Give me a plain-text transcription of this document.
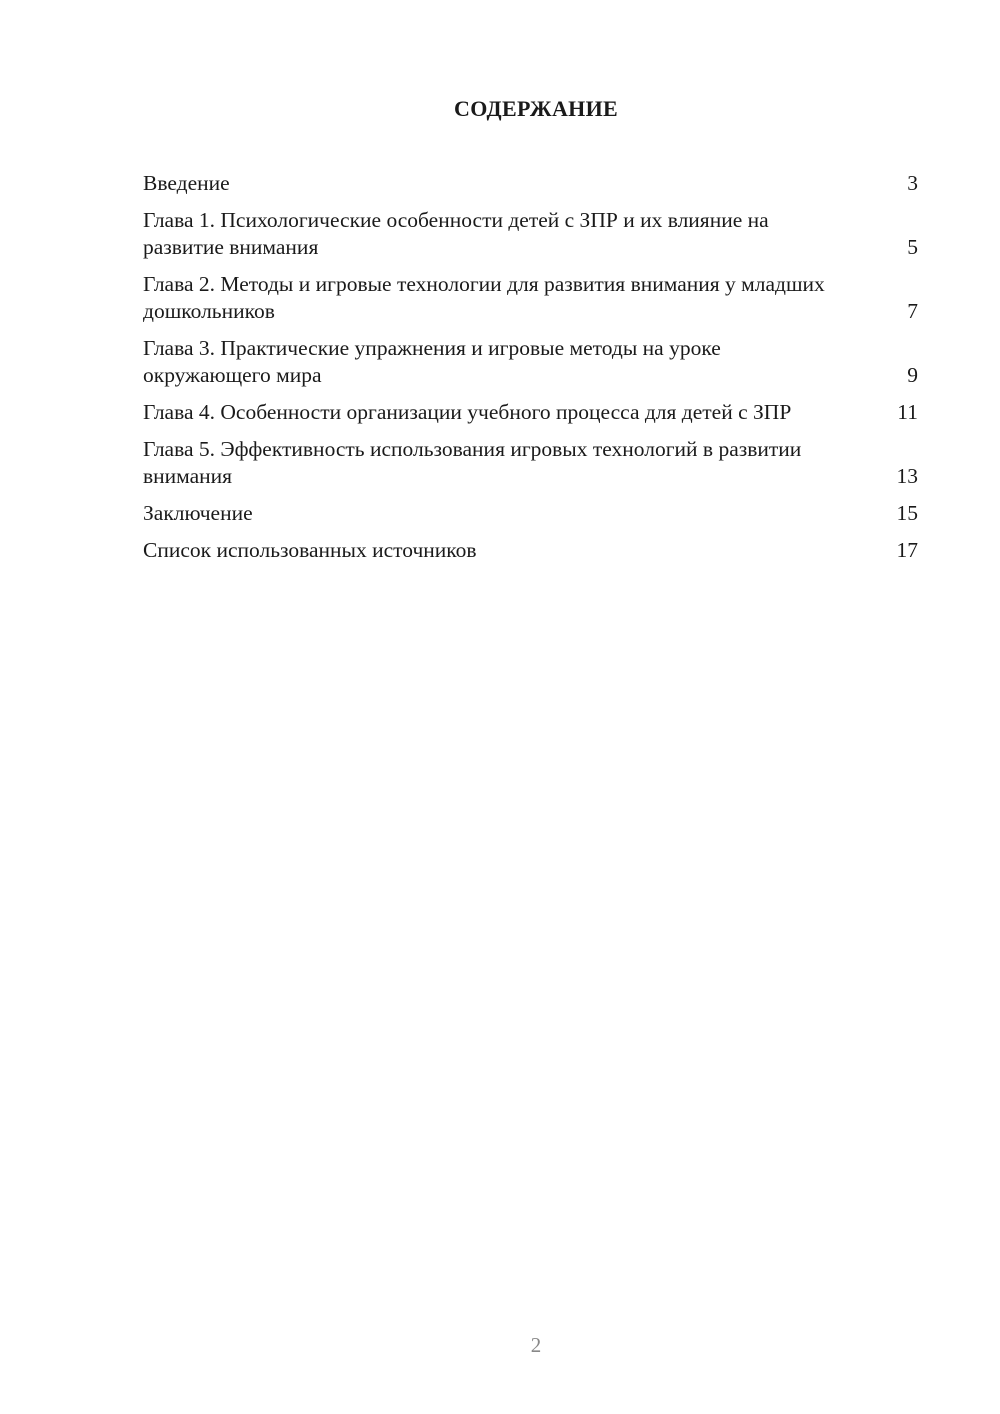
СОДЕРЖАНИЕ
Введение	3
Глава 1. Психологические особенности детей с ЗПР и их влияние на развитие внимания	5
Глава 2. Методы и игровые технологии для развития внимания у младших дошкольников	7
Глава 3. Практические упражнения и игровые методы на уроке окружающего мира	9
Глава 4. Особенности организации учебного процесса для детей с ЗПР	11
Глава 5. Эффективность использования игровых технологий в развитии внимания	13
Заключение	15
Список использованных источников	17
2
